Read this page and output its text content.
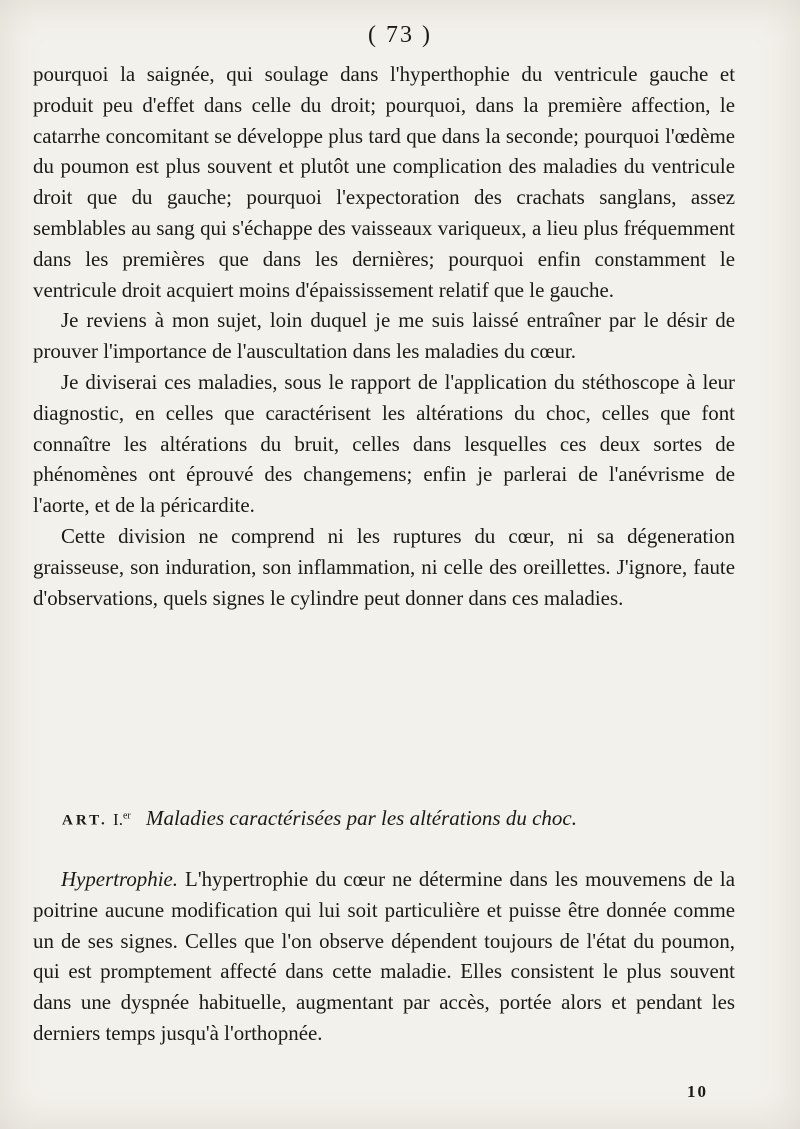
( 73 )

pourquoi la saignée, qui soulage dans l'hyperthophie du ventricule gauche et produit peu d'effet dans celle du droit; pourquoi, dans la première affection, le catarrhe concomitant se développe plus tard que dans la seconde; pourquoi l'œdème du poumon est plus souvent et plutôt une complication des maladies du ventricule droit que du gauche; pourquoi l'expectoration des crachats sanglans, assez semblables au sang qui s'échappe des vaisseaux variqueux, a lieu plus fréquemment dans les premières que dans les dernières; pourquoi enfin constamment le ventricule droit acquiert moins d'épaississement relatif que le gauche.

Je reviens à mon sujet, loin duquel je me suis laissé entraîner par le désir de prouver l'importance de l'auscultation dans les maladies du cœur.

Je diviserai ces maladies, sous le rapport de l'application du stéthoscope à leur diagnostic, en celles que caractérisent les altérations du choc, celles que font connaître les altérations du bruit, celles dans lesquelles ces deux sortes de phénomènes ont éprouvé des changemens; enfin je parlerai de l'anévrisme de l'aorte, et de la péricardite.

Cette division ne comprend ni les ruptures du cœur, ni sa dégeneration graisseuse, son induration, son inflammation, ni celle des oreillettes. J'ignore, faute d'observations, quels signes le cylindre peut donner dans ces maladies.

ART. I.$^{er}$ Maladies caractérisées par les altérations du choc.

Hypertrophie. L'hypertrophie du cœur ne détermine dans les mouvemens de la poitrine aucune modification qui lui soit particulière et puisse être donnée comme un de ses signes. Celles que l'on observe dépendent toujours de l'état du poumon, qui est promptement affecté dans cette maladie. Elles consistent le plus souvent dans une dyspnée habituelle, augmentant par accès, portée alors et pendant les derniers temps jusqu'à l'orthopnée.

10
